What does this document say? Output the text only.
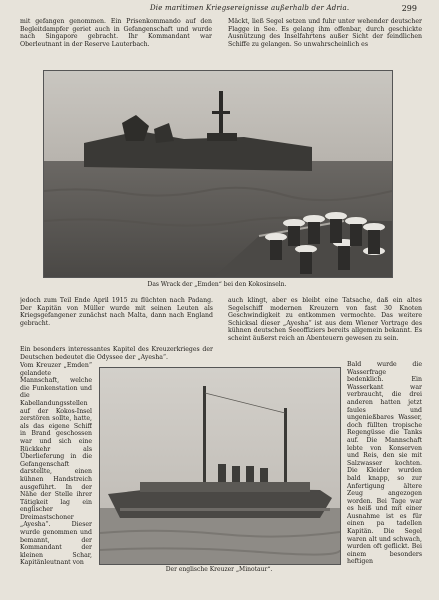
Die maritimen Kriegsereignisse außerhalb der Adria.	299

mit gefangen genommen. Ein Prisenkommando auf den Begleitdampfer geriet auch in Gefangenschaft und wurde nach Singapore gebracht. Ihr Kommandant war Oberleutnant in der Reserve Lauterbach.

Mäckt, ließ Segel setzen und fuhr unter wehender deutscher Flagge in See. Es gelang ihm offenbar, durch geschickte Ausnützung des Inselfahrtens außer Sicht der feindlichen Schiffe zu gelangen. So unwahrscheinlich es

Das Wrack der „Emden“ bei den Kokosinseln.

jedoch zum Teil Ende April 1915 zu flüchten nach Padang. Der Kapitän von Müller wurde mit seinen Leuten als Kriegsgefangener zunächst nach Malta, dann nach England gebracht.

auch klingt, aber es bleibt eine Tatsache, daß ein altes Segelschiff modernen Kreuzern von fast 30 Knoten Geschwindigkeit zu entkommen vermochte. Das weitere Schicksal dieser „Ayesha“ ist aus dem Wiener Vortrage des kühnen deutschen Seeoffiziers bereits allgemein bekannt. Es scheint äußerst reich an Abenteuern gewesen zu sein.

Ein besonders interessantes Kapitel des Kreuzerkrieges der Deutschen bedeutet die Odyssee der „Ayesha“.

Vom Kreuzer „Emden“ gelandete Mannschaft, welche die Funkenstation und die Kabellandungsstellen auf der Kokos-Insel zerstören sollte, hatte, als das eigene Schiff in Brand geschossen war und sich eine Rückkehr als Überlieferung in die Gefangenschaft darstellte, einen kühnen Handstreich ausgeführt. In der Nähe der Stelle ihrer Tätigkeit lag ein englischer Dreimastschoner „Ayesha“. Dieser wurde genommen und bemannt, der Kommandant der kleinen Schar, Kapitänleutnant von

Bald wurde die Wasserfrage bedenklich. Ein Wasserkant war verbraucht, die drei anderen hatten jetzt faules und ungenießbares Wasser, doch füllten tropische Regengüsse die Tanks auf. Die Mannschaft lebte von Konserven und Reis, den sie mit Salzwasser kochten. Die Kleider wurden bald knapp, so zur Anfertigung ältere Zeug angezogen worden. Bei Tage war es heiß und mit einer Ausnahme ist es für einen pa tadellen Kapitän. Die Segel waren alt und schwach, wurden oft geflickt. Bei einem besonders heftigen

Der englische Kreuzer „Minotaur“.
